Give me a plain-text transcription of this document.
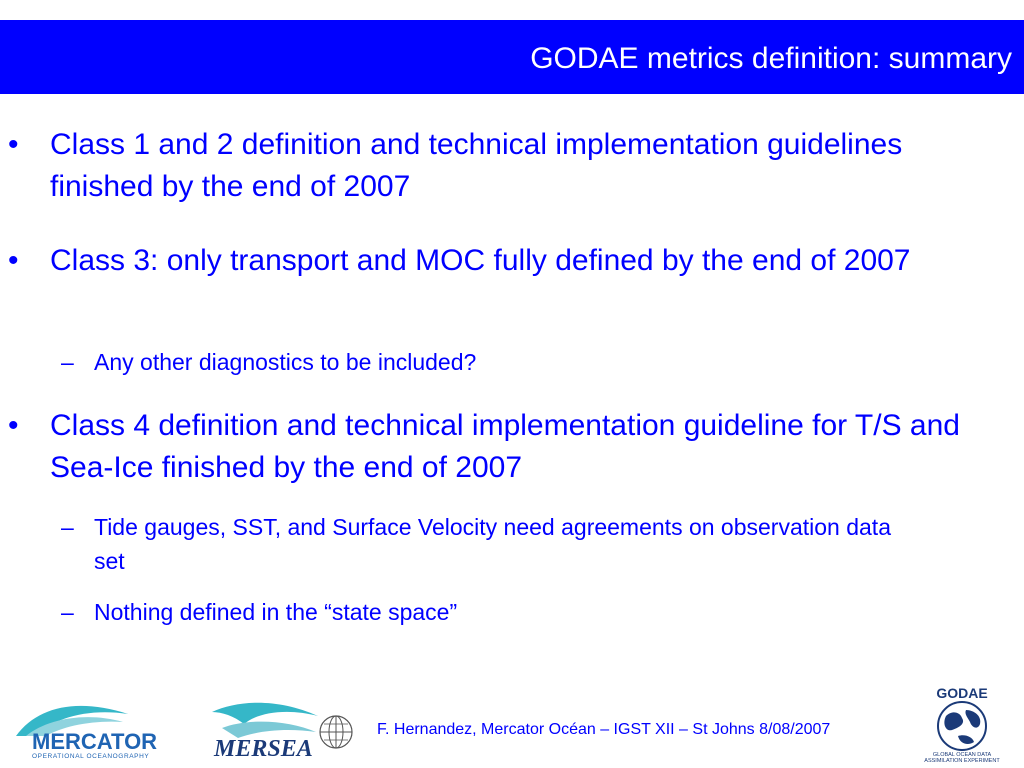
GODAE metrics definition: summary
• Class 1 and 2 definition and technical implementation guidelines finished by the end of 2007
• Class 3: only transport and MOC fully defined by the end of 2007
– Any other diagnostics to be included?
• Class 4 definition and technical implementation guideline for T/S and Sea-Ice finished by the end of 2007
– Tide gauges, SST, and Surface Velocity need agreements on observation data set
– Nothing defined in the “state space”
MERCATOR
OPERATIONAL OCEANOGRAPHY	MERSEA
F. Hernandez, Mercator Océan – IGST XII – St Johns 8/08/2007
GODAE
GLOBAL OCEAN DATA
ASSIMILATION EXPERIMENT
